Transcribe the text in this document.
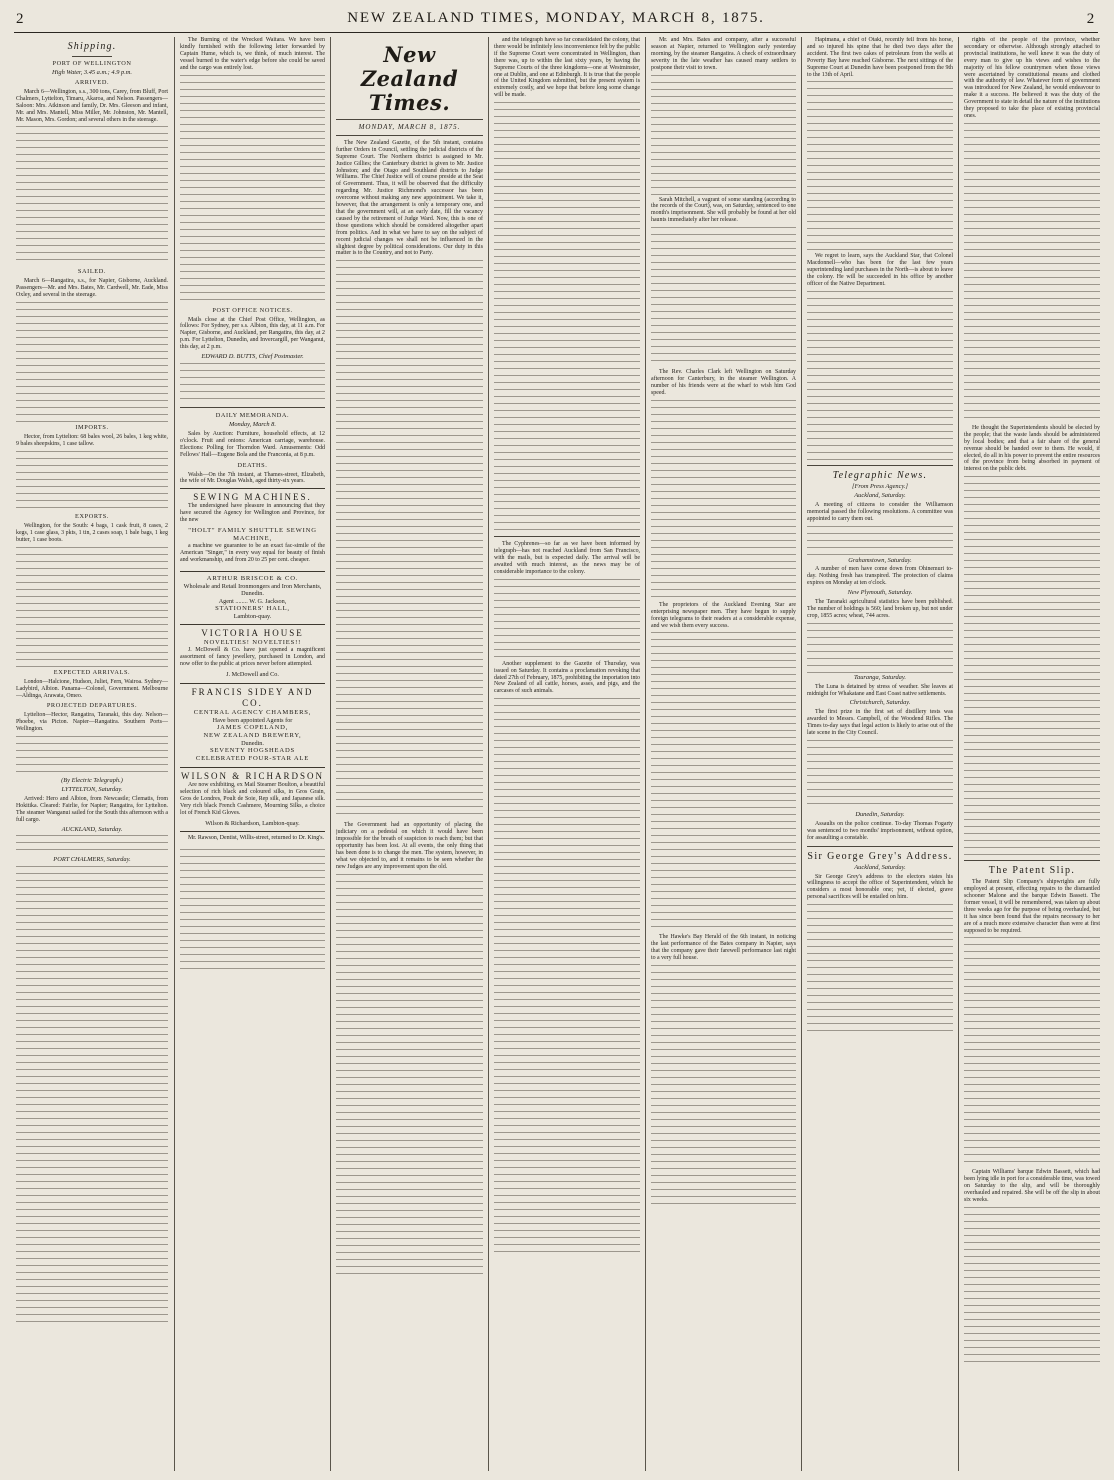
2	NEW ZEALAND TIMES, MONDAY, MARCH 8, 1875.	2
Shipping.
PORT OF WELLINGTON
High Water, 3.45 a.m.; 4.9 p.m.
ARRIVED.

March 6—Wellington, s.s., 300 tons, Carey, from Bluff, Port Chalmers, Lyttelton, Timaru, Akaroa, and Nelson. Passengers—Saloon: Mrs. Atkinson and family, Dr. Mrs. Gleeson and infant, Mr. and Mrs. Mantell, Miss Miller, Mr. Johnston, Mr. Mantell, Mr. Mason, Mrs. Gordon; and several others in the steerage.

SAILED.

March 6—Rangatira, s.s., for Napier, Gisborne, Auckland. Passengers—Mr. and Mrs. Bates, Mr. Cardwell, Mr. Eade, Miss Oxley, and several in the steerage.

IMPORTS.

Hector, from Lyttelton: 68 bales wool, 26 bales, 1 keg white, 9 bales sheepskins, 1 case tallow.

EXPORTS.

Wellington, for the South: 4 bags, 1 cask fruit, 8 cases, 2 kegs, 1 case glass, 3 pkts, 1 tin, 2 cases soap, 1 bale bags, 1 keg butter, 1 case boots.

EXPECTED ARRIVALS.

London—Halcione, Hudson, Juliet, Fern, Wairoa. Sydney—Ladybird, Albion. Panama—Colonel, Government. Melbourne—Aldinga, Arawata, Omeo.

PROJECTED DEPARTURES.

Lyttelton—Hector, Rangatira, Taranaki, this day. Nelson—Phoebe, via Picton. Napier—Rangatira. Southern Ports—Wellington.

(By Electric Telegraph.)
LYTTELTON, Saturday.

Arrived: Hero and Albion, from Newcastle; Clematis, from Hokitika. Cleared: Fairlie, for Napier; Rangatira, for Lyttelton. The steamer Wanganui sailed for the South this afternoon with a full cargo.

AUCKLAND, Saturday.
PORT CHALMERS, Saturday.

The Burning of the Wrecked Waitara. We have been kindly furnished with the following letter forwarded by Captain Hume, which is, we think, of much interest. The vessel burned to the water's edge before she could be saved and the cargo was entirely lost.

POST OFFICE NOTICES.

Mails close at the Chief Post Office, Wellington, as follows: For Sydney, per s.s. Albion, this day, at 11 a.m. For Napier, Gisborne, and Auckland, per Rangatira, this day, at 2 p.m. For Lyttelton, Dunedin, and Invercargill, per Wanganui, this day, at 2 p.m.

EDWARD D. BUTTS, Chief Postmaster.
DAILY MEMORANDA.
Monday, March 8.

Sales by Auction: Furniture, household effects, at 12 o'clock. Fruit and onions: American carriage, warehouse. Elections: Polling for Thorndon Ward. Amusements: Odd Fellows' Hall—Eugene Bola and the Franconia, at 8 p.m.

DEATHS.

Walsh—On the 7th instant, at Thames-street, Elizabeth, the wife of Mr. Douglas Walsh, aged thirty-six years.

SEWING MACHINES.

The undersigned have pleasure in announcing that they have secured the Agency for Wellington and Province, for the new

"HOLT" FAMILY SHUTTLE SEWING MACHINE,

a machine we guarantee to be an exact fac-simile of the American "Singer," in every way equal for beauty of finish and workmanship, and from 20 to 25 per cent. cheaper.

ARTHUR BRISCOE & CO.
Wholesale and Retail Ironmongers and Iron Merchants, Dunedin.
Agent ........ W. G. Jackson,
STATIONERS' HALL,
Lambton-quay.
VICTORIA HOUSE
NOVELTIES! NOVELTIES!!

J. McDowell & Co. have just opened a magnificent assortment of fancy jewellery, purchased in London, and now offer to the public at prices never before attempted.

J. McDowell and Co.
FRANCIS SIDEY AND CO.
CENTRAL AGENCY CHAMBERS,
Have been appointed Agents for
JAMES COPELAND,
NEW ZEALAND BREWERY,
Dunedin.
SEVENTY HOGSHEADS
CELEBRATED FOUR-STAR ALE
WILSON & RICHARDSON

Are now exhibiting, ex Mail Steamer Boulton, a beautiful selection of rich black and coloured silks, in Gros Grain, Gros de Londres, Poult de Soie, Rep silk, and Japanese silk. Very rich black French Cashmere, Mourning Silks, a choice lot of French Kid Gloves.

Wilson & Richardson, Lambton-quay.

Mr. Rawson, Dentist, Willis-street, returned to Dr. King's.

New Zealand Times.
MONDAY, MARCH 8, 1875.

The New Zealand Gazette, of the 5th instant, contains further Orders in Council, settling the judicial districts of the Supreme Court. The Northern district is assigned to Mr. Justice Gillies; the Canterbury district is given to Mr. Justice Johnston; and the Otago and Southland districts to Judge Williams. The Chief Justice will of course preside at the Seat of Government. Thus, it will be observed that the difficulty regarding Mr. Justice Richmond's successor has been overcome without making any new appointment. We take it, however, that the arrangement is only a temporary one, and that the government will, at an early date, fill the vacancy caused by the retirement of Judge Ward. Now, this is one of those questions which should be considered altogether apart from politics. And in what we have to say on the subject of recent judicial changes we shall not be influenced in the slightest degree by political considerations. Our duty in this matter is to the Country, and not to Party.

The Government had an opportunity of placing the judiciary on a pedestal on which it would have been impossible for the breath of suspicion to reach them; but that opportunity has been lost. At all events, the only thing that has been done is to change the men. The system, however, in what we objected to, and it remains to be seen whether the new Judges are any improvement upon the old.

and the telegraph have so far consolidated the colony, that there would be infinitely less inconvenience felt by the public if the Supreme Court were concentrated in Wellington, than there was, up to within the last sixty years, by having the Supreme Courts of the three kingdoms—one at Westminster, one at Dublin, and one at Edinburgh. It is true that the people of the United Kingdom submitted, but the present system is extremely costly, and we hope that before long some change will be made.

The Cyphrenes—so far as we have been informed by telegraph—has not reached Auckland from San Francisco, with the mails, but is expected daily. The arrival will be awaited with much interest, as the news may be of considerable importance to the colony.

Another supplement to the Gazette of Thursday, was issued on Saturday. It contains a proclamation revoking that dated 27th of February, 1875, prohibiting the importation into New Zealand of all cattle, horses, asses, and pigs, and the carcases of such animals.

Mr. and Mrs. Bates and company, after a successful season at Napier, returned to Wellington early yesterday morning, by the steamer Rangatira. A check of extraordinary severity in the late weather has caused many settlers to postpone their visit to town.

Sarah Mitchell, a vagrant of some standing (according to the records of the Court), was, on Saturday, sentenced to one month's imprisonment. She will probably be found at her old haunts immediately after her release.

The Rev. Charles Clark left Wellington on Saturday afternoon for Canterbury, in the steamer Wellington. A number of his friends were at the wharf to wish him God speed.

The proprietors of the Auckland Evening Star are enterprising newspaper men. They have begun to supply foreign telegrams to their readers at a considerable expense, and we wish them every success.

The Hawke's Bay Herald of the 6th instant, in noticing the last performance of the Bates company in Napier, says that the company gave their farewell performance last night to a very full house.

Hapimana, a chief of Otaki, recently fell from his horse, and so injured his spine that he died two days after the accident. The first two cakes of petroleum from the wells at Poverty Bay have reached Gisborne. The next sittings of the Supreme Court at Dunedin have been postponed from the 9th to the 13th of April.

We regret to learn, says the Auckland Star, that Colonel Macdonnell—who has been for the last few years superintending land purchases in the North—is about to leave the colony. He will be succeeded in his office by another officer of the Native Department.

Telegraphic News.
[From Press Agency.]
Auckland, Saturday.

A meeting of citizens to consider the Williamson memorial passed the following resolutions. A committee was appointed to carry them out.

Grahamstown, Saturday.

A number of men have come down from Ohinemuri to-day. Nothing fresh has transpired. The protection of claims expires on Monday at ten o'clock.

New Plymouth, Saturday.

The Taranaki agricultural statistics have been published. The number of holdings is 560; land broken up, but not under crop, 1855 acres; wheat, 744 acres.

Tauranga, Saturday.

The Luna is detained by stress of weather. She leaves at midnight for Whakatane and East Coast native settlements.

Christchurch, Saturday.

The first prize in the first set of distillery tests was awarded to Messrs. Campbell, of the Woodend Rifles. The Times to-day says that legal action is likely to arise out of the late scene in the City Council.

Dunedin, Saturday.

Assaults on the police continue. To-day Thomas Fogarty was sentenced to two months' imprisonment, without option, for assaulting a constable.

Sir George Grey's Address.
Auckland, Saturday.

Sir George Grey's address to the electors states his willingness to accept the office of Superintendent, which he considers a most honorable one; yet, if elected, grave personal sacrifices will be entailed on him.

rights of the people of the province, whether secondary or otherwise. Although strongly attached to provincial institutions, he well knew it was the duty of every man to give up his views and wishes to the majority of his fellow countrymen when those views were ascertained by constitutional means and clothed with the authority of law. Whatever form of government was introduced for New Zealand, he would endeavour to make it a success. He believed it was the duty of the Government to state in detail the nature of the institutions they proposed to take the place of existing provincial ones.

He thought the Superintendents should be elected by the people; that the waste lands should be administered by local bodies; and that a fair share of the general revenue should be handed over to them. He would, if elected, do all in his power to prevent the entire resources of the province from being absorbed in payment of interest on the public debt.

The Patent Slip.

The Patent Slip Company's shipwrights are fully employed at present, effecting repairs to the dismantled schooner Malone and the barque Edwin Bassett. The former vessel, it will be remembered, was taken up about three weeks ago for the purpose of being overhauled, but it has since been found that the repairs necessary to her are of a much more extensive character than were at first supposed to be required.

Captain Williams' barque Edwin Bassett, which had been lying idle in port for a considerable time, was towed on Saturday to the slip, and will be thoroughly overhauled and repaired. She will be off the slip in about six weeks.
